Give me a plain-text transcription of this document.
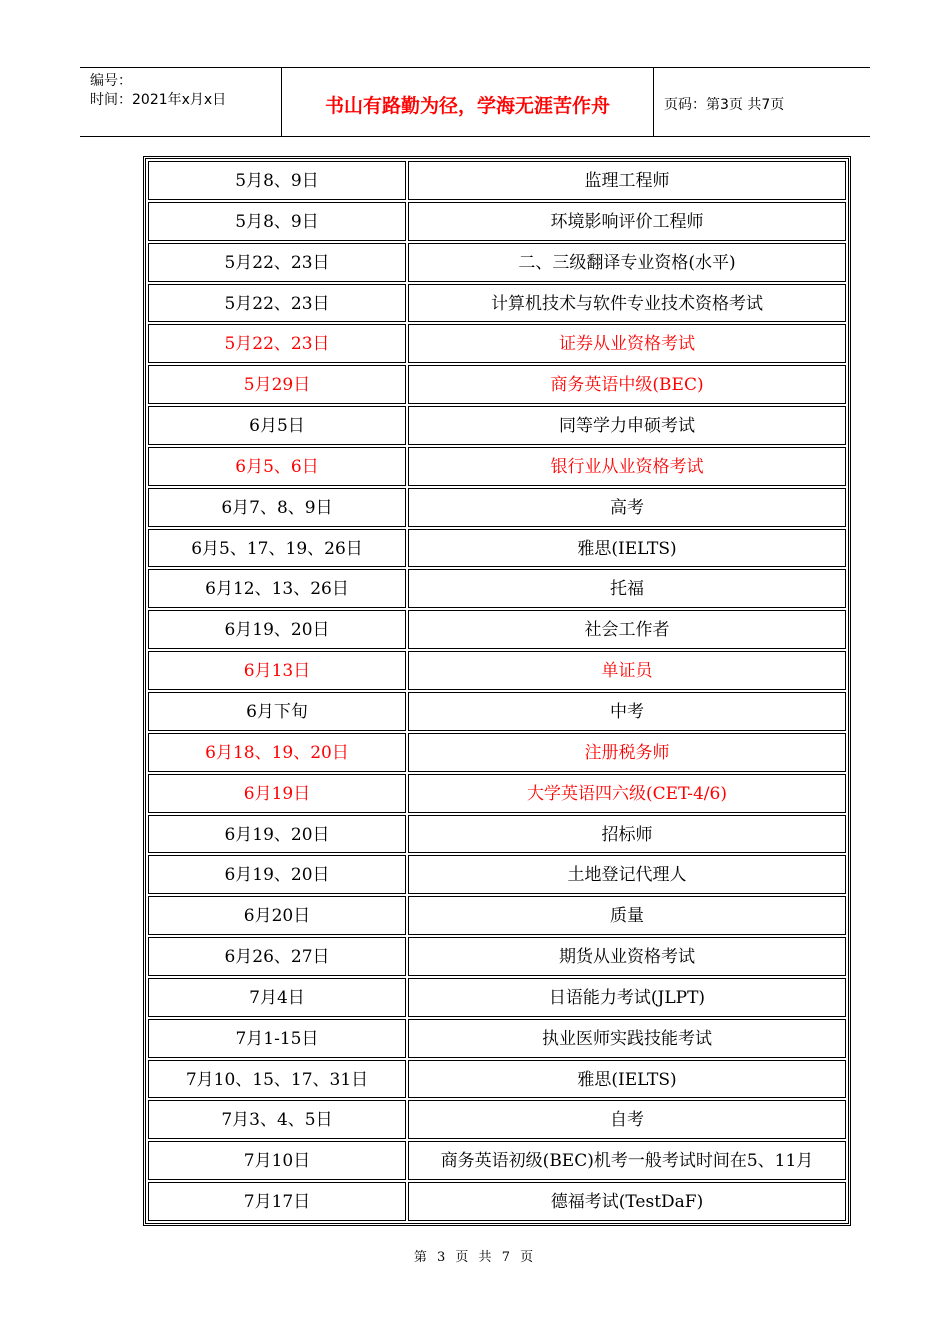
编号：
时间：2021年x月x日	书山有路勤为径，学海无涯苦作舟	页码：第3页 共7页
5月8、9日	监理工程师
5月8、9日	环境影响评价工程师
5月22、23日	二、三级翻译专业资格(水平)
5月22、23日	计算机技术与软件专业技术资格考试
5月22、23日	证券从业资格考试
5月29日	商务英语中级(BEC)
6月5日	同等学力申硕考试
6月5、6日	银行业从业资格考试
6月7、8、9日	高考
6月5、17、19、26日	雅思(IELTS)
6月12、13、26日	托福
6月19、20日	社会工作者
6月13日	单证员
6月下旬	中考
6月18、19、20日	注册税务师
6月19日	大学英语四六级(CET-4/6)
6月19、20日	招标师
6月19、20日	土地登记代理人
6月20日	质量
6月26、27日	期货从业资格考试
7月4日	日语能力考试(JLPT)
7月1-15日	执业医师实践技能考试
7月10、15、17、31日	雅思(IELTS)
7月3、4、5日	自考
7月10日	商务英语初级(BEC)机考一般考试时间在5、11月
7月17日	德福考试(TestDaF)
第 3 页 共 7 页
